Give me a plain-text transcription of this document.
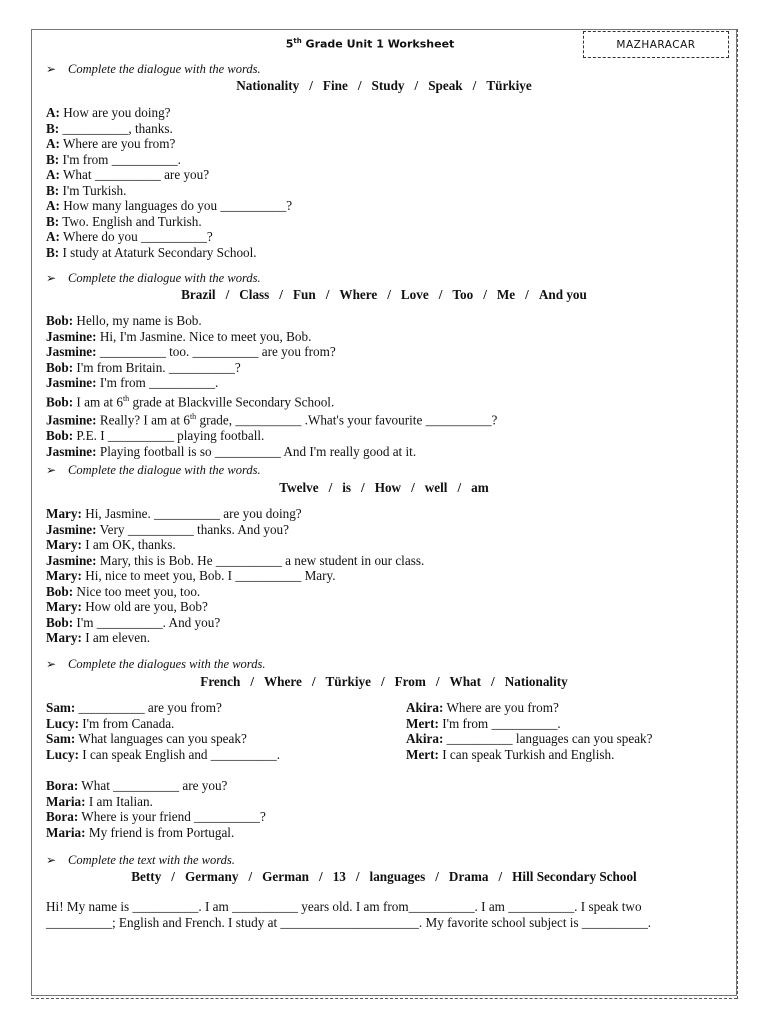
5th Grade Unit 1 Worksheet	MAZHARACAR
➢ Complete the dialogue with the words.
Nationality / Fine / Study / Speak / Türkiye
A: How are you doing?
B: __________, thanks.
A: Where are you from?
B: I'm from __________.
A: What __________ are you?
B: I'm Turkish.
A: How many languages do you __________?
B: Two. English and Turkish.
A: Where do you __________?
B: I study at Ataturk Secondary School.
➢ Complete the dialogue with the words.
Brazil / Class / Fun / Where / Love / Too / Me / And you
Bob: Hello, my name is Bob.
Jasmine: Hi, I'm Jasmine. Nice to meet you, Bob.
Jasmine: __________ too. __________ are you from?
Bob: I'm from Britain. __________?
Jasmine: I'm from __________.
Bob: I am at 6th grade at Blackville Secondary School.
Jasmine: Really? I am at 6th grade, __________ .What's your favourite __________?
Bob: P.E. I __________ playing football.
Jasmine: Playing football is so __________ And I'm really good at it.
➢ Complete the dialogue with the words.
Twelve / is / How / well / am
Mary: Hi, Jasmine. __________ are you doing?
Jasmine: Very __________ thanks. And you?
Mary: I am OK, thanks.
Jasmine: Mary, this is Bob. He __________ a new student in our class.
Mary: Hi, nice to meet you, Bob. I __________ Mary.
Bob: Nice too meet you, too.
Mary: How old are you, Bob?
Bob: I'm __________. And you?
Mary: I am eleven.
➢ Complete the dialogues with the words.
French / Where / Türkiye / From / What / Nationality
Sam: __________ are you from?
Lucy: I'm from Canada.
Sam: What languages can you speak?
Lucy: I can speak English and __________.
Akira: Where are you from?
Mert: I'm from __________.
Akira: __________ languages can you speak?
Mert: I can speak Turkish and English.
Bora: What __________ are you?
Maria: I am Italian.
Bora: Where is your friend __________?
Maria: My friend is from Portugal.
➢ Complete the text with the words.
Betty / Germany / German / 13 / languages / Drama / Hill Secondary School
Hi! My name is __________. I am __________ years old. I am from__________. I am __________. I speak two __________; English and French. I study at _____________________. My favorite school subject is __________.
